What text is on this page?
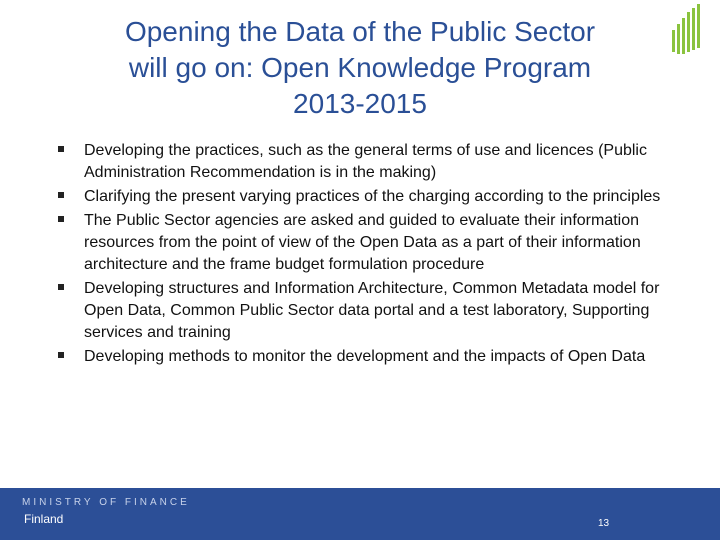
Opening the Data of the Public Sector
will go on: Open Knowledge Program
2013-2015
Developing the practices, such as the general terms of use and licences (Public Administration Recommendation is in the making)
Clarifying the present varying practices of the charging according to the principles
The Public Sector agencies are asked and guided to evaluate their information resources from the point of view of the Open Data as a part of their information architecture and the frame budget formulation procedure
Developing structures and Information Architecture, Common Metadata model for Open Data, Common Public Sector data portal and a test laboratory, Supporting services and training
Developing methods to monitor the development and the impacts of Open Data
MINISTRY OF FINANCE
Finland	13
